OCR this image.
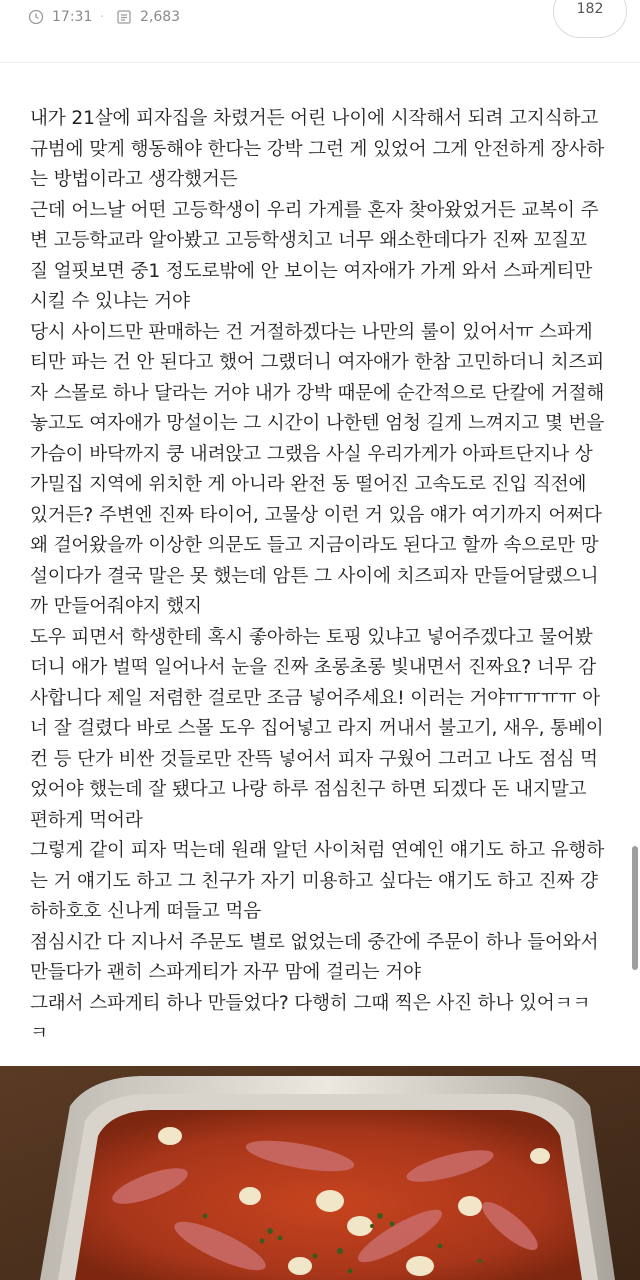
17:31 ·	2,683	182
내가 21살에 피자집을 차렸거든 어린 나이에 시작해서 되려 고지식하고
규범에 맞게 행동해야 한다는 강박 그런 게 있었어 그게 안전하게 장사하
는 방법이라고 생각했거든
근데 어느날 어떤 고등학생이 우리 가게를 혼자 찾아왔었거든 교복이 주
변 고등학교라 알아봤고 고등학생치고 너무 왜소한데다가 진짜 꼬질꼬
질 얼핏보면 중1 정도로밖에 안 보이는 여자애가 가게 와서 스파게티만
시킬 수 있냐는 거야
당시 사이드만 판매하는 건 거절하겠다는 나만의 룰이 있어서ㅠ 스파게
티만 파는 건 안 된다고 했어 그랬더니 여자애가 한참 고민하더니 치즈피
자 스몰로 하나 달라는 거야 내가 강박 때문에 순간적으로 단칼에 거절해
놓고도 여자애가 망설이는 그 시간이 나한텐 엄청 길게 느껴지고 몇 번을
가슴이 바닥까지 쿵 내려앉고 그랬음 사실 우리가게가 아파트단지나 상
가밀집 지역에 위치한 게 아니라 완전 동 떨어진 고속도로 진입 직전에
있거든? 주변엔 진짜 타이어, 고물상 이런 거 있음 얘가 여기까지 어쩌다
왜 걸어왔을까 이상한 의문도 들고 지금이라도 된다고 할까 속으로만 망
설이다가 결국 말은 못 했는데 암튼 그 사이에 치즈피자 만들어달랬으니
까 만들어줘야지 했지
도우 피면서 학생한테 혹시 좋아하는 토핑 있냐고 넣어주겠다고 물어봤
더니 애가 벌떡 일어나서 눈을 진짜 초롱초롱 빛내면서 진짜요? 너무 감
사합니다 제일 저렴한 걸로만 조금 넣어주세요! 이러는 거야ㅠㅠㅠㅠ 아
너 잘 걸렸다 바로 스몰 도우 집어넣고 라지 꺼내서 불고기, 새우, 통베이
컨 등 단가 비싼 것들로만 잔뜩 넣어서 피자 구웠어 그러고 나도 점심 먹
었어야 했는데 잘 됐다고 나랑 하루 점심친구 하면 되겠다 돈 내지말고
편하게 먹어라
그렇게 같이 피자 먹는데 원래 알던 사이처럼 연예인 얘기도 하고 유행하
는 거 얘기도 하고 그 친구가 자기 미용하고 싶다는 얘기도 하고 진짜 걍
하하호호 신나게 떠들고 먹음
점심시간 다 지나서 주문도 별로 없었는데 중간에 주문이 하나 들어와서
만들다가 괜히 스파게티가 자꾸 맘에 걸리는 거야
그래서 스파게티 하나 만들었다? 다행히 그때 찍은 사진 하나 있어ㅋㅋ
ㅋ
